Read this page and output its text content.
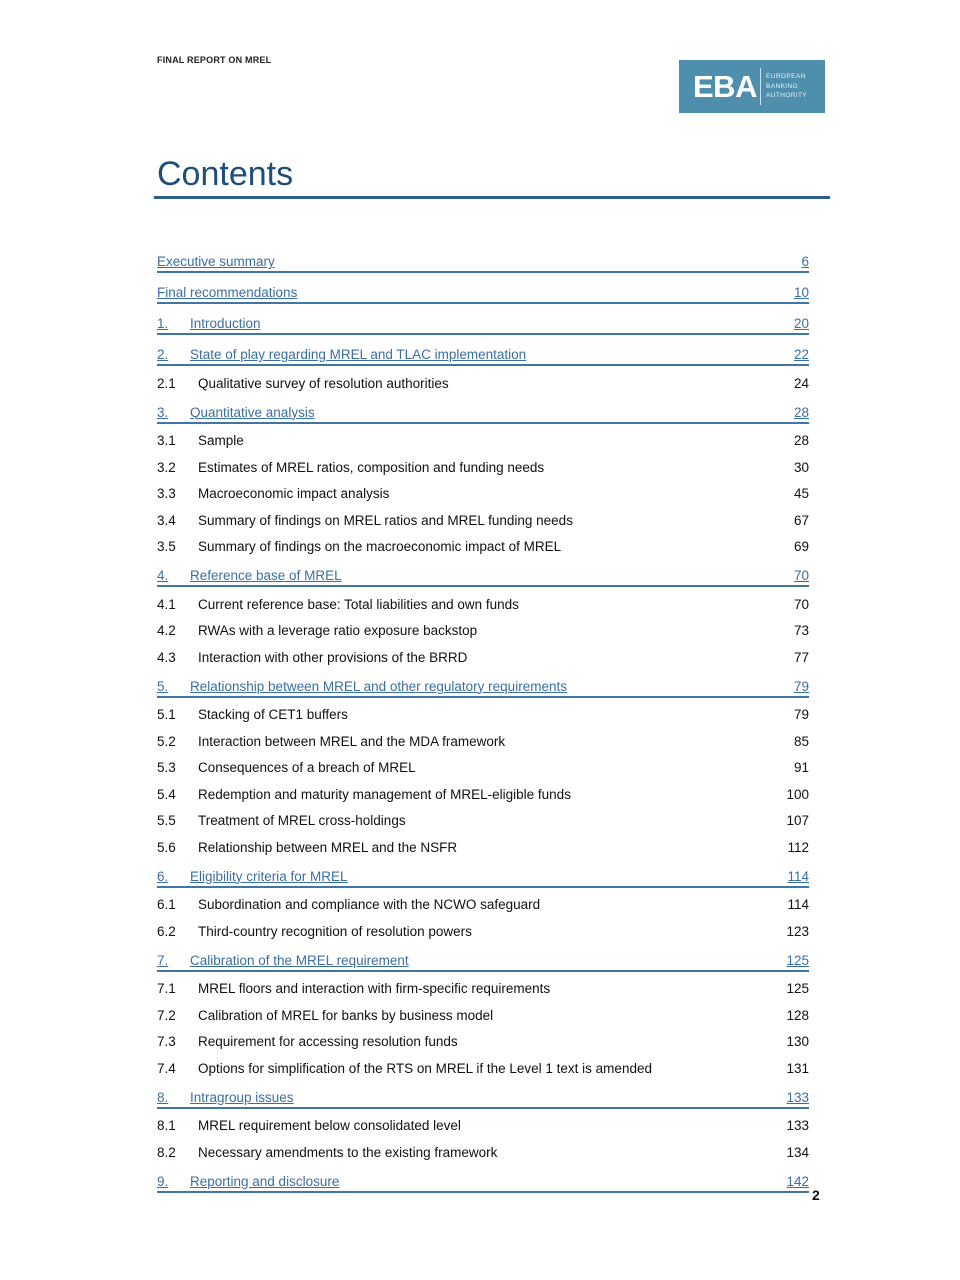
FINAL REPORT ON MREL
EBA EUROPEAN
BANKING
AUTHORITY
Contents
Executive summary	6
Final recommendations	10
1.	Introduction	20
2.	State of play regarding MREL and TLAC implementation	22
2.1	Qualitative survey of resolution authorities	24
3.	Quantitative analysis	28
3.1	Sample	28
3.2	Estimates of MREL ratios, composition and funding needs	30
3.3	Macroeconomic impact analysis	45
3.4	Summary of findings on MREL ratios and MREL funding needs	67
3.5	Summary of findings on the macroeconomic impact of MREL	69
4.	Reference base of MREL	70
4.1	Current reference base: Total liabilities and own funds	70
4.2	RWAs with a leverage ratio exposure backstop	73
4.3	Interaction with other provisions of the BRRD	77
5.	Relationship between MREL and other regulatory requirements	79
5.1	Stacking of CET1 buffers	79
5.2	Interaction between MREL and the MDA framework	85
5.3	Consequences of a breach of MREL	91
5.4	Redemption and maturity management of MREL-eligible funds	100
5.5	Treatment of MREL cross-holdings	107
5.6	Relationship between MREL and the NSFR	112
6.	Eligibility criteria for MREL	114
6.1	Subordination and compliance with the NCWO safeguard	114
6.2	Third-country recognition of resolution powers	123
7.	Calibration of the MREL requirement	125
7.1	MREL floors and interaction with firm-specific requirements	125
7.2	Calibration of MREL for banks by business model	128
7.3	Requirement for accessing resolution funds	130
7.4	Options for simplification of the RTS on MREL if the Level 1 text is amended	131
8.	Intragroup issues	133
8.1	MREL requirement below consolidated level	133
8.2	Necessary amendments to the existing framework	134
9.	Reporting and disclosure	142
2
